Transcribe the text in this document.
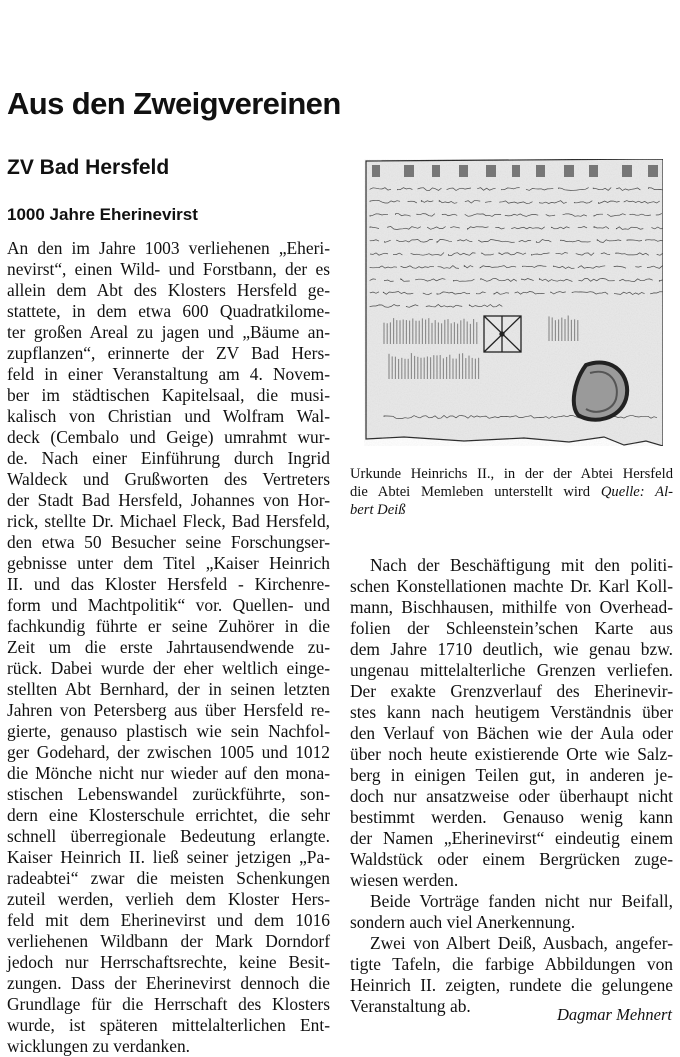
Aus den Zweigvereinen
ZV Bad Hersfeld
1000 Jahre Eherinevirst
An den im Jahre 1003 verliehenen „Eheri-
nevirst“, einen Wild- und Forstbann, der es
allein dem Abt des Klosters Hersfeld ge-
stattete, in dem etwa 600 Quadratkilome-
ter großen Areal zu jagen und „Bäume an-
zupflanzen“, erinnerte der ZV Bad Hers-
feld in einer Veranstaltung am 4. Novem-
ber im städtischen Kapitelsaal, die musi-
kalisch von Christian und Wolfram Wal-
deck (Cembalo und Geige) umrahmt wur-
de. Nach einer Einführung durch Ingrid
Waldeck und Grußworten des Vertreters
der Stadt Bad Hersfeld, Johannes von Hor-
rick, stellte Dr. Michael Fleck, Bad Hersfeld,
den etwa 50 Besucher seine Forschungser-
gebnisse unter dem Titel „Kaiser Heinrich
II. und das Kloster Hersfeld - Kirchenre-
form und Machtpolitik“ vor. Quellen- und
fachkundig führte er seine Zuhörer in die
Zeit um die erste Jahrtausendwende zu-
rück. Dabei wurde der eher weltlich einge-
stellten Abt Bernhard, der in seinen letzten
Jahren von Petersberg aus über Hersfeld re-
gierte, genauso plastisch wie sein Nachfol-
ger Godehard, der zwischen 1005 und 1012
die Mönche nicht nur wieder auf den mona-
stischen Lebenswandel zurückführte, son-
dern eine Klosterschule errichtet, die sehr
schnell überregionale Bedeutung erlangte.
Kaiser Heinrich II. ließ seiner jetzigen „Pa-
radeabtei“ zwar die meisten Schenkungen
zuteil werden, verlieh dem Kloster Hers-
feld mit dem Eherinevirst und dem 1016
verliehenen Wildbann der Mark Dorndorf
jedoch nur Herrschaftsrechte, keine Besit-
zungen. Dass der Eherinevirst dennoch die
Grundlage für die Herrschaft des Klosters
wurde, ist späteren mittelalterlichen Ent-
wicklungen zu verdanken.
Urkunde Heinrichs II., in der der Abtei Hersfeld
die Abtei Memleben unterstellt wird Quelle: Al-
bert Deiß
Nach der Beschäftigung mit den politi-
schen Konstellationen machte Dr. Karl Koll-
mann, Bischhausen, mithilfe von Overhead-
folien der Schleenstein’schen Karte aus
dem Jahre 1710 deutlich, wie genau bzw.
ungenau mittelalterliche Grenzen verliefen.
Der exakte Grenzverlauf des Eherinevir-
stes kann nach heutigem Verständnis über
den Verlauf von Bächen wie der Aula oder
über noch heute existierende Orte wie Salz-
berg in einigen Teilen gut, in anderen je-
doch nur ansatzweise oder überhaupt nicht
bestimmt werden. Genauso wenig kann
der Namen „Eherinevirst“ eindeutig einem
Waldstück oder einem Bergrücken zuge-
wiesen werden.
Beide Vorträge fanden nicht nur Beifall,
sondern auch viel Anerkennung.
Zwei von Albert Deiß, Ausbach, angefer-
tigte Tafeln, die farbige Abbildungen von
Heinrich II. zeigten, rundete die gelungene
Veranstaltung ab.	Dagmar Mehnert
